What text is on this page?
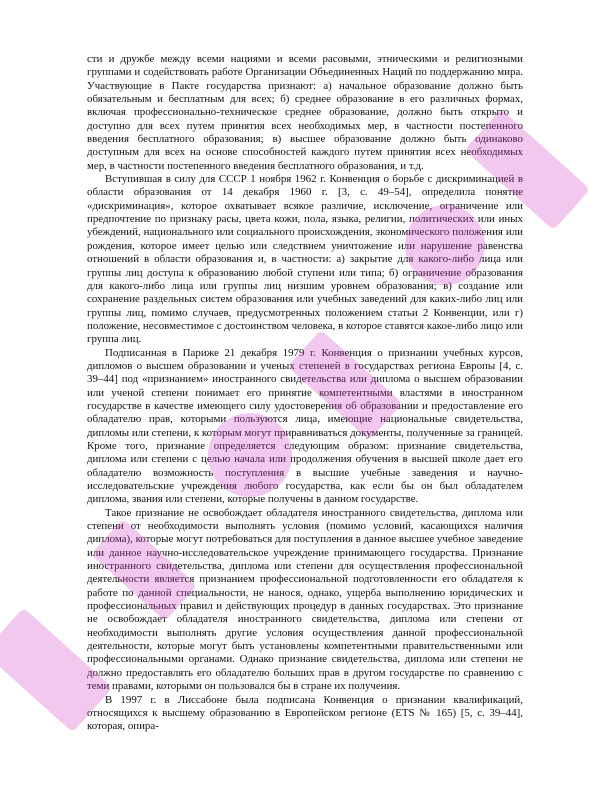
сти и дружбе между всеми нациями и всеми расовыми, этническими и религиозными группами и содействовать работе Организации Объединенных Наций по поддержанию мира. Участвующие в Пакте государства признают: а) начальное образование должно быть обязательным и бесплатным для всех; б) среднее образование в его различных формах, включая профессионально-техническое среднее образование, должно быть открыто и доступно для всех путем принятия всех необходимых мер, в частности постепенного введения бесплатного образования; в) высшее образование должно быть одинаково доступным для всех на основе способностей каждого путем принятия всех необходимых мер, в частности постепенного введения бесплатного образования, и т.д.

Вступившая в силу для СССР 1 ноября 1962 г. Конвенция о борьбе с дискриминацией в области образования от 14 декабря 1960 г. [3, с. 49–54], определила понятие «дискриминация», которое охватывает всякое различие, исключение, ограничение или предпочтение по признаку расы, цвета кожи, пола, языка, религии, политических или иных убеждений, национального или социального происхождения, экономического положения или рождения, которое имеет целью или следствием уничтожение или нарушение равенства отношений в области образования и, в частности: а) закрытие для какого-либо лица или группы лиц доступа к образованию любой ступени или типа; б) ограничение образования для какого-либо лица или группы лиц низшим уровнем образования; в) создание или сохранение раздельных систем образования или учебных заведений для каких-либо лиц или группы лиц, помимо случаев, предусмотренных положением статьи 2 Конвенции, или г) положение, несовместимое с достоинством человека, в которое ставятся какое-либо лицо или группа лиц.

Подписанная в Париже 21 декабря 1979 г. Конвенция о признании учебных курсов, дипломов о высшем образовании и ученых степеней в государствах региона Европы [4, с. 39–44] под «признанием» иностранного свидетельства или диплома о высшем образовании или ученой степени понимает его принятие компетентными властями в иностранном государстве в качестве имеющего силу удостоверения об образовании и предоставление его обладателю прав, которыми пользуются лица, имеющие национальные свидетельства, дипломы или степени, к которым могут приравниваться документы, полученные за границей. Кроме того, признание определяется следующим образом: признание свидетельства, диплома или степени с целью начала или продолжения обучения в высшей школе дает его обладателю возможность поступления в высшие учебные заведения и научно-исследовательские учреждения любого государства, как если бы он был обладателем диплома, звания или степени, которые получены в данном государстве.

Такое признание не освобождает обладателя иностранного свидетельства, диплома или степени от необходимости выполнять условия (помимо условий, касающихся наличия диплома), которые могут потребоваться для поступления в данное высшее учебное заведение или данное научно-исследовательское учреждение принимающего государства. Признание иностранного свидетельства, диплома или степени для осуществления профессиональной деятельности является признанием профессиональной подготовленности его обладателя к работе по данной специальности, не нанося, однако, ущерба выполнению юридических и профессиональных правил и действующих процедур в данных государствах. Это признание не освобождает обладателя иностранного свидетельства, диплома или степени от необходимости выполнять другие условия осуществления данной профессиональной деятельности, которые могут быть установлены компетентными правительственными или профессиональными органами. Однако признание свидетельства, диплома или степени не должно предоставлять его обладателю больших прав в другом государстве по сравнению с теми правами, которыми он пользовался бы в стране их получения.

В 1997 г. в Лиссабоне была подписана Конвенция о признании квалификаций, относящихся к высшему образованию в Европейском регионе (ETS № 165) [5, с. 39–44], которая, опира-
